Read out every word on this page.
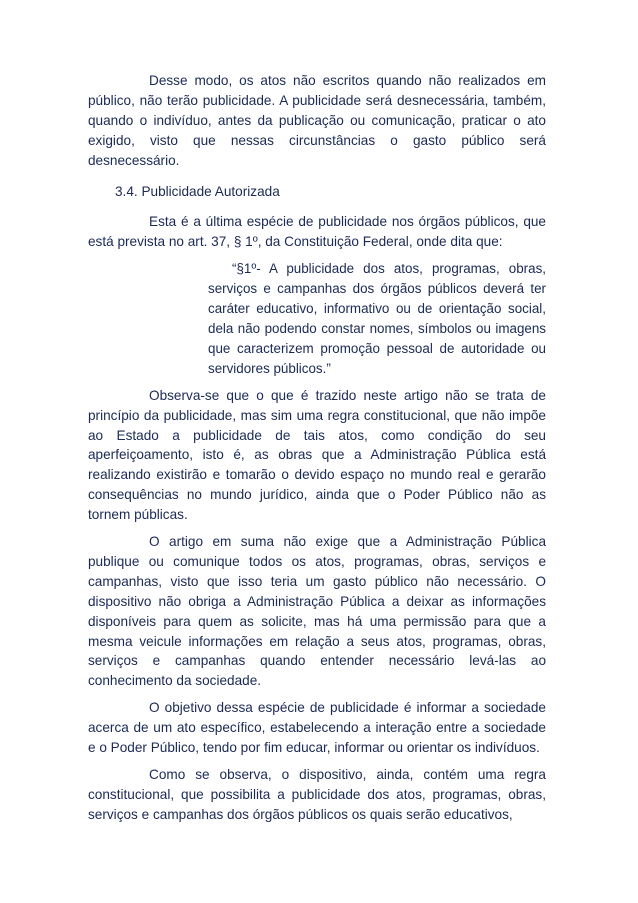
Desse modo, os atos não escritos quando não realizados em público, não terão publicidade. A publicidade será desnecessária, também, quando o indivíduo, antes da publicação ou comunicação, praticar o ato exigido, visto que nessas circunstâncias o gasto público será desnecessário.

3.4. Publicidade Autorizada

Esta é a última espécie de publicidade nos órgãos públicos, que está prevista no art. 37, § 1º, da Constituição Federal, onde dita que:

“§1º- A publicidade dos atos, programas, obras, serviços e campanhas dos órgãos públicos deverá ter caráter educativo, informativo ou de orientação social, dela não podendo constar nomes, símbolos ou imagens que caracterizem promoção pessoal de autoridade ou servidores públicos.”

Observa-se que o que é trazido neste artigo não se trata de princípio da publicidade, mas sim uma regra constitucional, que não impõe ao Estado a publicidade de tais atos, como condição do seu aperfeiçoamento, isto é, as obras que a Administração Pública está realizando existirão e tomarão o devido espaço no mundo real e gerarão consequências no mundo jurídico, ainda que o Poder Público não as tornem públicas.

O artigo em suma não exige que a Administração Pública publique ou comunique todos os atos, programas, obras, serviços e campanhas, visto que isso teria um gasto público não necessário. O dispositivo não obriga a Administração Pública a deixar as informações disponíveis para quem as solicite, mas há uma permissão para que a mesma veicule informações em relação a seus atos, programas, obras, serviços e campanhas quando entender necessário levá-las ao conhecimento da sociedade.

O objetivo dessa espécie de publicidade é informar a sociedade acerca de um ato específico, estabelecendo a interação entre a sociedade e o Poder Público, tendo por fim educar, informar ou orientar os indivíduos.

Como se observa, o dispositivo, ainda, contém uma regra constitucional, que possibilita a publicidade dos atos, programas, obras, serviços e campanhas dos órgãos públicos os quais serão educativos,
